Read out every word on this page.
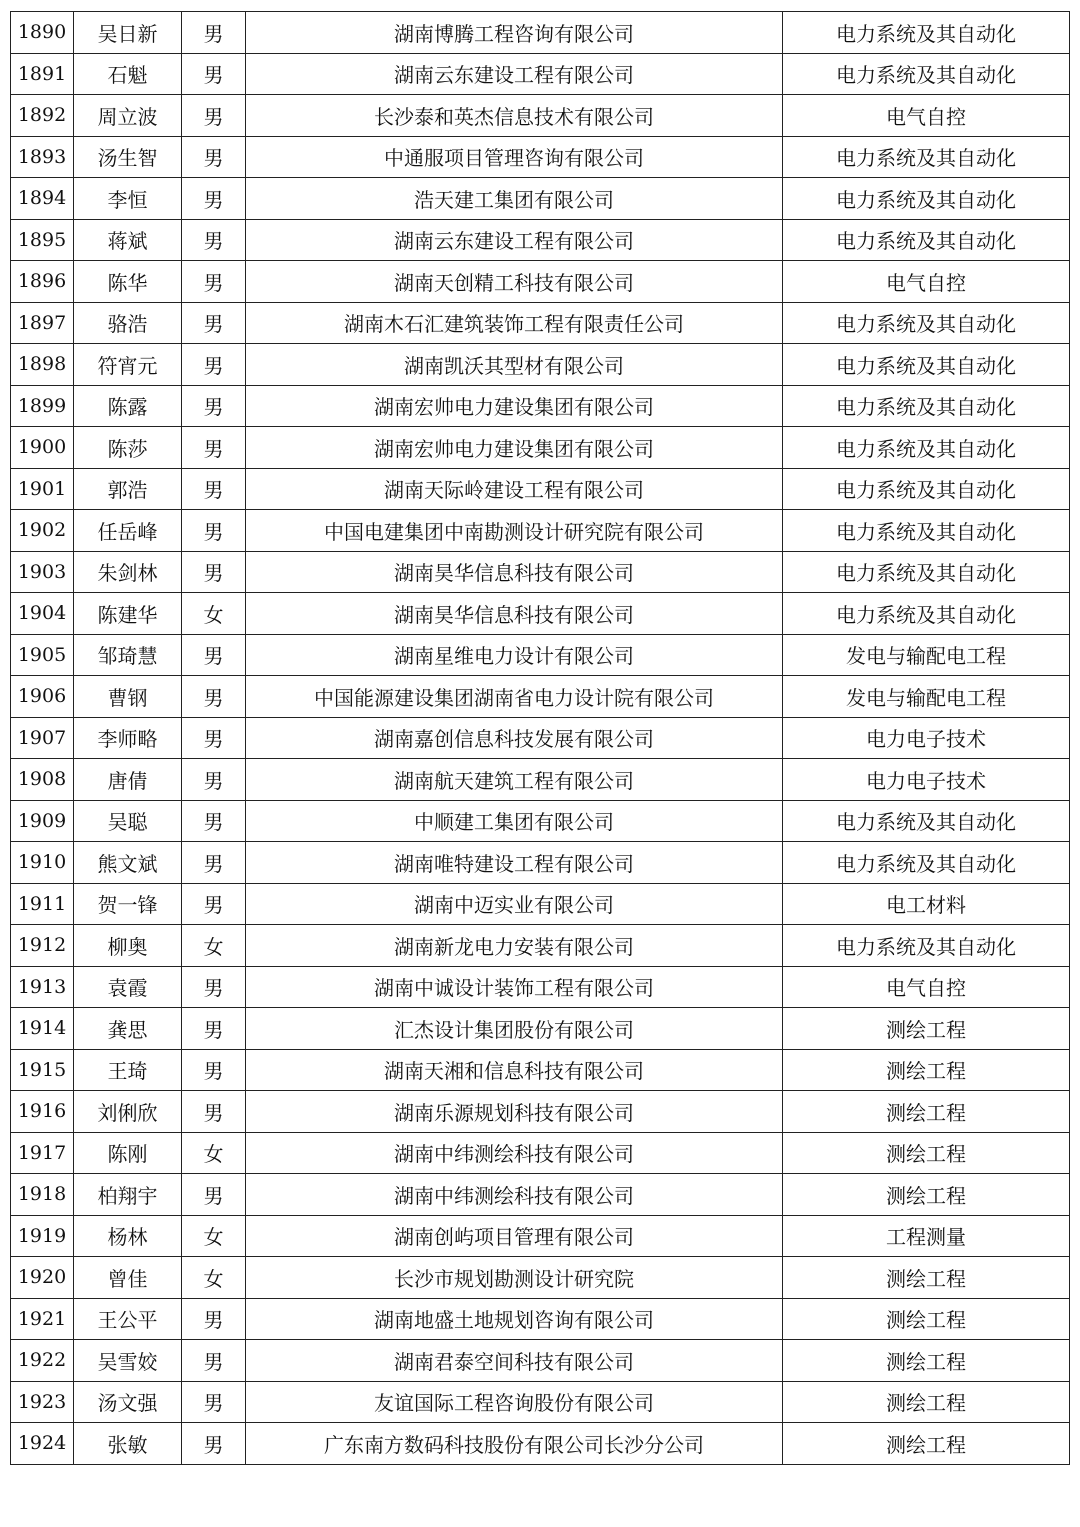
1890	吴日新	男	湖南博腾工程咨询有限公司	电力系统及其自动化
1891	石魁	男	湖南云东建设工程有限公司	电力系统及其自动化
1892	周立波	男	长沙泰和英杰信息技术有限公司	电气自控
1893	汤生智	男	中通服项目管理咨询有限公司	电力系统及其自动化
1894	李恒	男	浩天建工集团有限公司	电力系统及其自动化
1895	蒋斌	男	湖南云东建设工程有限公司	电力系统及其自动化
1896	陈华	男	湖南天创精工科技有限公司	电气自控
1897	骆浩	男	湖南木石汇建筑装饰工程有限责任公司	电力系统及其自动化
1898	符宵元	男	湖南凯沃其型材有限公司	电力系统及其自动化
1899	陈露	男	湖南宏帅电力建设集团有限公司	电力系统及其自动化
1900	陈莎	男	湖南宏帅电力建设集团有限公司	电力系统及其自动化
1901	郭浩	男	湖南天际岭建设工程有限公司	电力系统及其自动化
1902	任岳峰	男	中国电建集团中南勘测设计研究院有限公司	电力系统及其自动化
1903	朱剑林	男	湖南昊华信息科技有限公司	电力系统及其自动化
1904	陈建华	女	湖南昊华信息科技有限公司	电力系统及其自动化
1905	邹琦慧	男	湖南星维电力设计有限公司	发电与输配电工程
1906	曹钢	男	中国能源建设集团湖南省电力设计院有限公司	发电与输配电工程
1907	李师略	男	湖南嘉创信息科技发展有限公司	电力电子技术
1908	唐倩	男	湖南航天建筑工程有限公司	电力电子技术
1909	吴聪	男	中顺建工集团有限公司	电力系统及其自动化
1910	熊文斌	男	湖南唯特建设工程有限公司	电力系统及其自动化
1911	贺一锋	男	湖南中迈实业有限公司	电工材料
1912	柳奥	女	湖南新龙电力安装有限公司	电力系统及其自动化
1913	袁霞	男	湖南中诚设计装饰工程有限公司	电气自控
1914	龚思	男	汇杰设计集团股份有限公司	测绘工程
1915	王琦	男	湖南天湘和信息科技有限公司	测绘工程
1916	刘俐欣	男	湖南乐源规划科技有限公司	测绘工程
1917	陈刚	女	湖南中纬测绘科技有限公司	测绘工程
1918	柏翔宇	男	湖南中纬测绘科技有限公司	测绘工程
1919	杨林	女	湖南创屿项目管理有限公司	工程测量
1920	曾佳	女	长沙市规划勘测设计研究院	测绘工程
1921	王公平	男	湖南地盛土地规划咨询有限公司	测绘工程
1922	吴雪姣	男	湖南君泰空间科技有限公司	测绘工程
1923	汤文强	男	友谊国际工程咨询股份有限公司	测绘工程
1924	张敏	男	广东南方数码科技股份有限公司长沙分公司	测绘工程
